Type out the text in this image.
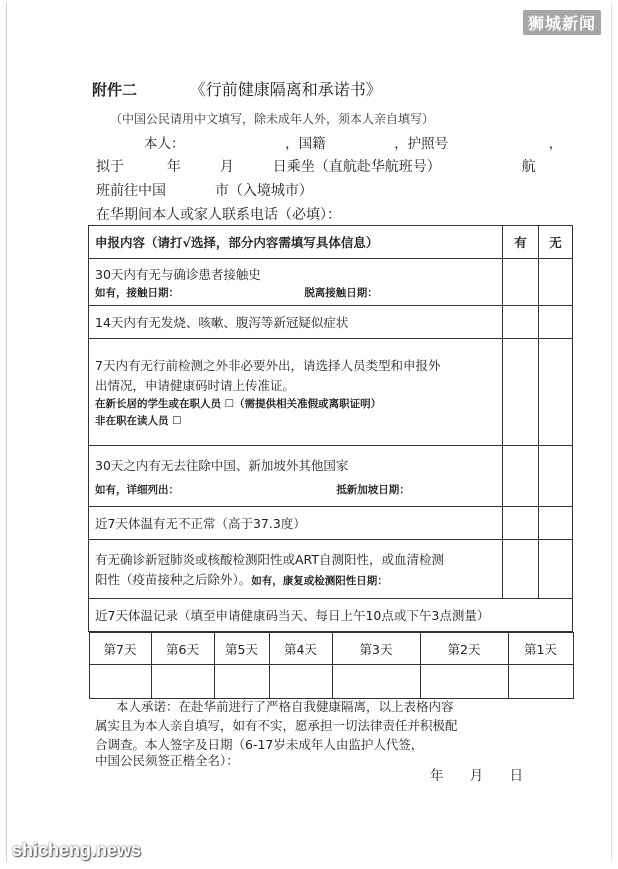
狮城新闻
附件二	《行前健康隔离和承诺书》
（中国公民请用中文填写，除未成年人外，须本人亲自填写）
本人：	，国籍	，护照号	，
拟于	年	月	日乘坐（直航赴华航班号）	航
班前往中国	市（入境城市）
在华期间本人或家人联系电话（必填）：
申报内容（请打√选择，部分内容需填写具体信息）	有	无

30天内有无与确诊患者接触史
如有，接触日期：	脱离接触日期：

14天内有无发烧、咳嗽、腹泻等新冠疑似症状		

7天内有无行前检测之外非必要外出，请选择人员类型和申报外
出情况，申请健康码时请上传准证。
在新长居的学生或在职人员 ☐（需提供相关准假或离职证明）
非在职在读人员 ☐

30天之内有无去往除中国、新加坡外其他国家
如有，详细列出：	抵新加坡日期：

近7天体温有无不正常（高于37.3度）		

有无确诊新冠肺炎或核酸检测阳性或ART自测阳性，或血清检测
阳性（疫苗接种之后除外）。如有，康复或检测阳性日期：

近7天体温记录（填至申请健康码当天、每日上午10点或下午3点测量）

第7天	第6天	第5天	第4天	第3天	第2天	第1天

本人承诺：在赴华前进行了严格自我健康隔离，以上表格内容
属实且为本人亲自填写，如有不实，愿承担一切法律责任并积极配
合调查。本人签字及日期（6-17岁未成年人由监护人代签，
中国公民须签正楷全名）：
年 月 日
shicheng.news
